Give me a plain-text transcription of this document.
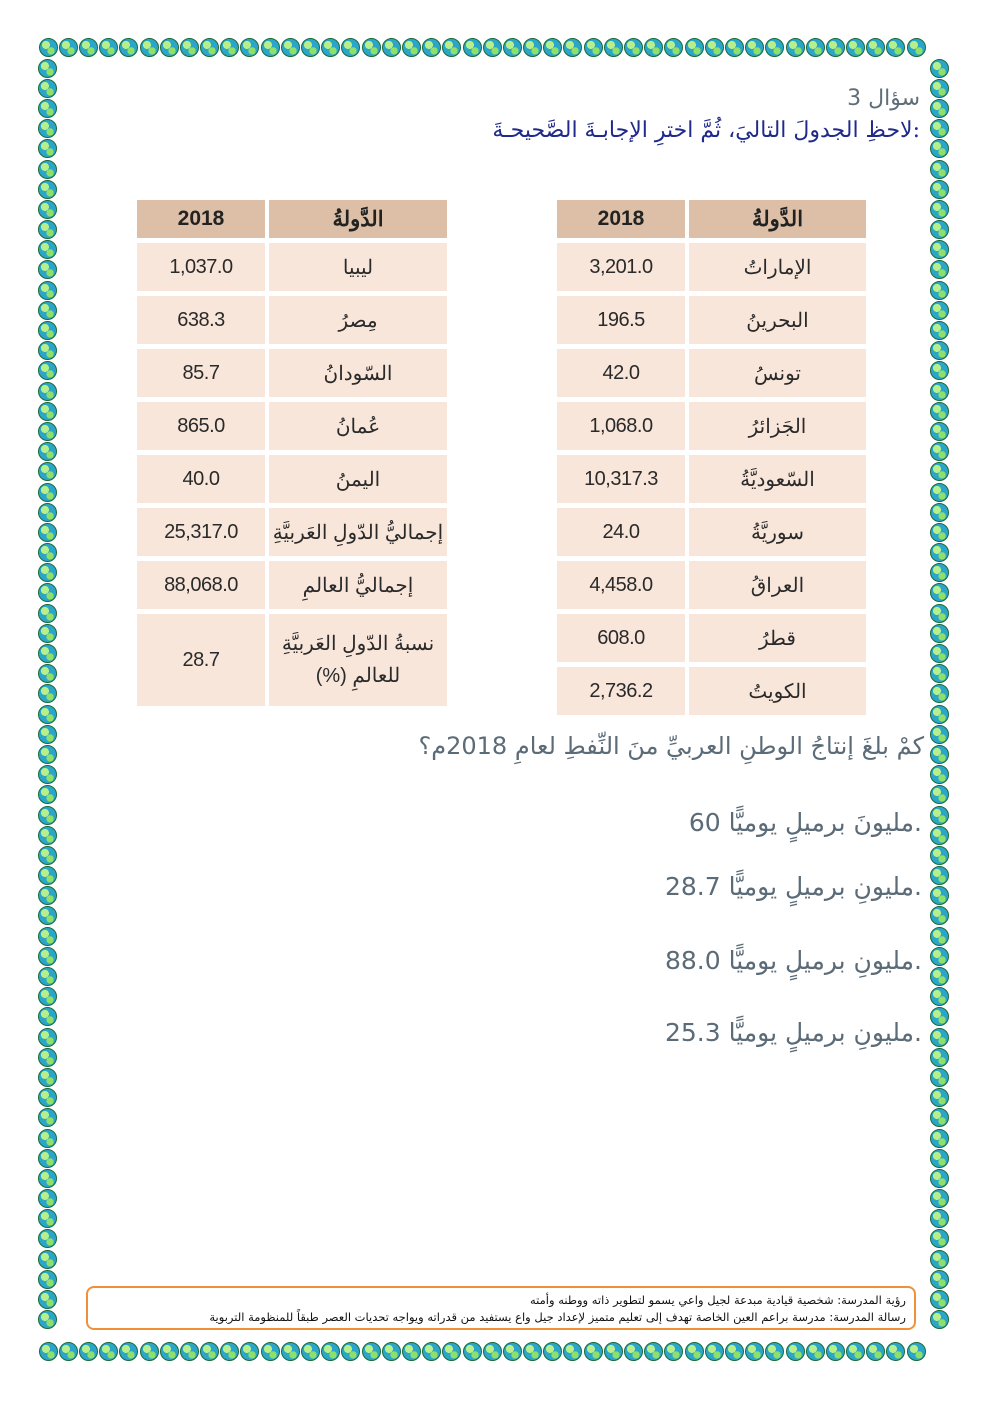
سؤال 3
:لاحظِ الجدولَ التاليَ، ثُمَّ اخترِ الإجابـةَ الصَّحيحـةَ
الدَّولةُ	2018
الإماراتُ	3,201.0
البحرينُ	196.5
تونسُ	42.0
الجَزائرُ	1,068.0
السّعوديَّةُ	10,317.3
سوريَّةُ	24.0
العراقُ	4,458.0
قطرُ	608.0
الكويتُ	2,736.2
الدَّولةُ	2018
ليبيا	1,037.0
مِصرُ	638.3
السّودانُ	85.7
عُمانُ	865.0
اليمنُ	40.0
إجماليُّ الدّولِ العَربيَّةِ	25,317.0
إجماليُّ العالمِ	88,068.0
نسبةُ الدّولِ العَربيَّةِ للعالمِ (%)	28.7
كمْ بلغَ إنتاجُ الوطنِ العربيِّ منَ النِّفطِ لعامِ 2018م؟
.مليونَ برميلٍ يوميًّا 60
.مليونِ برميلٍ يوميًّا 28.7
.مليونِ برميلٍ يوميًّا 88.0
.مليونِ برميلٍ يوميًّا 25.3
رؤية المدرسة: شخصية قيادية مبدعة لجيل واعي يسمو لتطوير ذاته ووطنه وأمته
رسالة المدرسة: مدرسة براعم العين الخاصة تهدف إلى تعليم متميز لإعداد جيل واع يستفيد من قدراته ويواجه تحديات العصر طبقاً للمنظومة التربوية
